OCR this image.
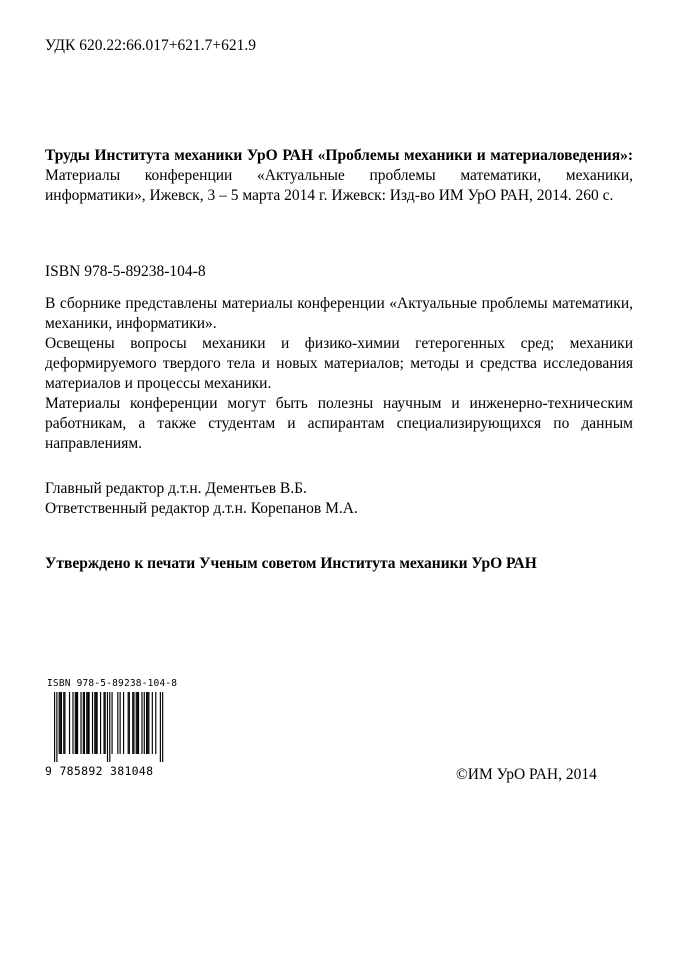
УДК 620.22:66.017+621.7+621.9
Труды Института механики УрО РАН «Проблемы механики и материаловедения»: Материалы конференции «Актуальные проблемы математики, механики, информатики», Ижевск, 3 – 5 марта 2014 г. Ижевск: Изд-во ИМ УрО РАН, 2014. 260 с.
ISBN 978-5-89238-104-8

В сборнике представлены материалы конференции «Актуальные проблемы математики, механики, информатики».

Освещены вопросы механики и физико-химии гетерогенных сред; механики деформируемого твердого тела и новых материалов; методы и средства исследования материалов и процессы механики.

Материалы конференции могут быть полезны научным и инженерно-техническим работникам, а также студентам и аспирантам специализирующихся по данным направлениям.

Главный редактор д.т.н. Дементьев В.Б.
Ответственный редактор д.т.н. Корепанов М.А.
Утверждено к печати Ученым советом Института механики УрО РАН
ISBN 978-5-89238-104-8
9 785892 381048	©ИМ УрО РАН, 2014
